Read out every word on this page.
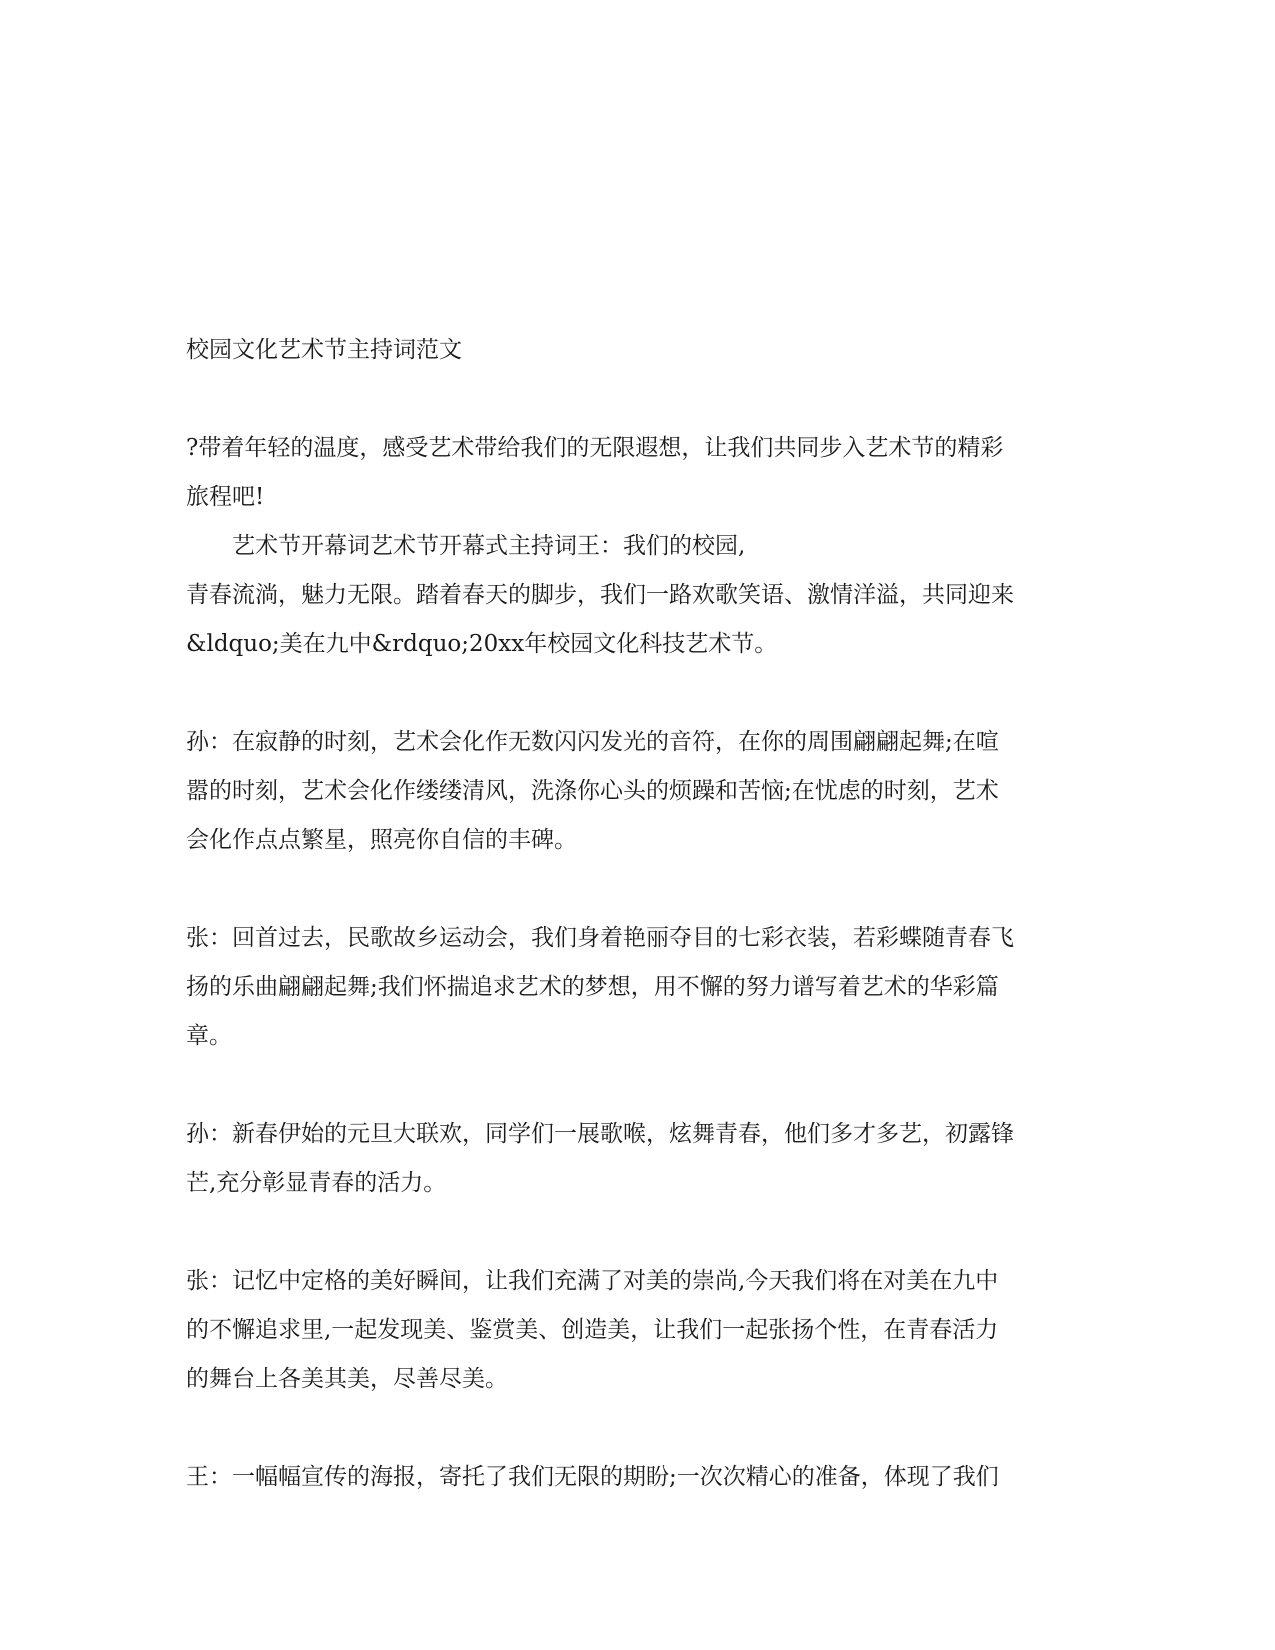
校园文化艺术节主持词范文

?带着年轻的温度，感受艺术带给我们的无限遐想，让我们共同步入艺术节的精彩
旅程吧!

艺术节开幕词艺术节开幕式主持词王：我们的校园,

青春流淌，魅力无限。踏着春天的脚步，我们一路欢歌笑语、激情洋溢，共同迎来
&ldquo;美在九中&rdquo;20xx年校园文化科技艺术节。

孙：在寂静的时刻，艺术会化作无数闪闪发光的音符，在你的周围翩翩起舞;在喧
嚣的时刻，艺术会化作缕缕清风，洗涤你心头的烦躁和苦恼;在忧虑的时刻，艺术
会化作点点繁星，照亮你自信的丰碑。

张：回首过去，民歌故乡运动会，我们身着艳丽夺目的七彩衣装，若彩蝶随青春飞
扬的乐曲翩翩起舞;我们怀揣追求艺术的梦想，用不懈的努力谱写着艺术的华彩篇
章。

孙：新春伊始的元旦大联欢，同学们一展歌喉，炫舞青春，他们多才多艺，初露锋
芒,充分彰显青春的活力。

张：记忆中定格的美好瞬间，让我们充满了对美的崇尚,今天我们将在对美在九中
的不懈追求里,一起发现美、鉴赏美、创造美，让我们一起张扬个性，在青春活力
的舞台上各美其美，尽善尽美。

王：一幅幅宣传的海报，寄托了我们无限的期盼;一次次精心的准备，体现了我们
